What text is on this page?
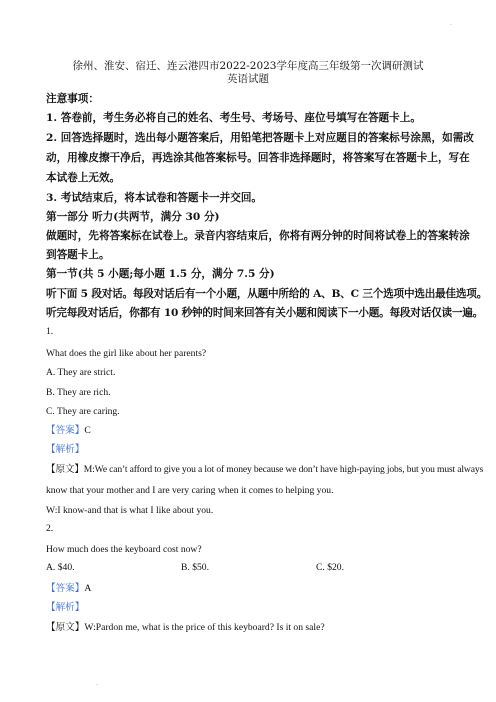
.
徐州、淮安、宿迁、连云港四市2022-2023学年度高三年级第一次调研测试
英语试题
注意事项：
1. 答卷前，考生务必将自己的姓名、考生号、考场号、座位号填写在答题卡上。
2. 回答选择题时，选出每小题答案后，用铅笔把答题卡上对应题目的答案标号涂黑，如需改
动，用橡皮擦干净后，再选涂其他答案标号。回答非选择题时，将答案写在答题卡上，写在
本试卷上无效。
3. 考试结束后，将本试卷和答题卡一并交回。
第一部分 听力(共两节，满分 30 分)
做题时，先将答案标在试卷上。录音内容结束后，你将有两分钟的时间将试卷上的答案转涂
到答题卡上。
第一节(共 5 小题;每小题 1.5 分，满分 7.5 分)
听下面 5 段对话。每段对话后有一个小题，从题中所给的 A、B、C 三个选项中选出最佳选项。
听完每段对话后，你都有 10 秒钟的时间来回答有关小题和阅读下一小题。每段对话仅读一遍。
1.
What does the girl like about her parents?
A. They are strict.
B. They are rich.
C. They are caring.
【答案】C
【解析】
【原文】M:We can’t afford to give you a lot of money because we don’t have high-paying jobs, but you must always
know that your mother and I are very caring when it comes to helping you.
W:I know-and that is what I like about you.
2.
How much does the keyboard cost now?
A. $40.	B. $50.	C. $20.
【答案】A
【解析】
【原文】W:Pardon me, what is the price of this keyboard? Is it on sale?
.
